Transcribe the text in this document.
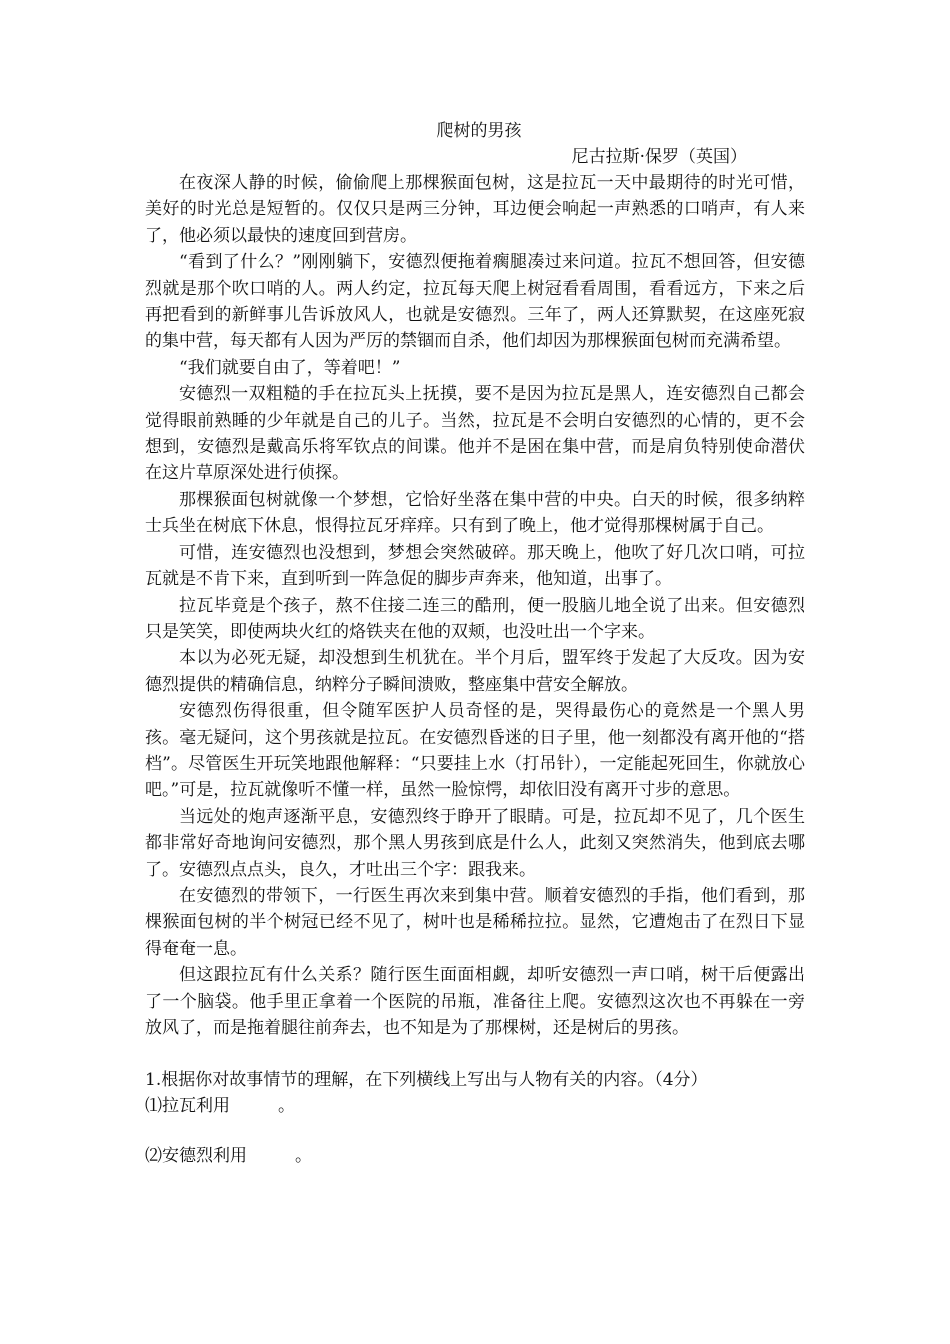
爬树的男孩

尼古拉斯·保罗（英国）

在夜深人静的时候，偷偷爬上那棵猴面包树，这是拉瓦一天中最期待的时光可惜，美好的时光总是短暂的。仅仅只是两三分钟，耳边便会响起一声熟悉的口哨声，有人来了，他必须以最快的速度回到营房。

“看到了什么？”刚刚躺下，安德烈便拖着瘸腿凑过来问道。拉瓦不想回答，但安德烈就是那个吹口哨的人。两人约定，拉瓦每天爬上树冠看看周围，看看远方，下来之后再把看到的新鲜事儿告诉放风人，也就是安德烈。三年了，两人还算默契，在这座死寂的集中营，每天都有人因为严厉的禁锢而自杀，他们却因为那棵猴面包树而充满希望。

“我们就要自由了，等着吧！”

安德烈一双粗糙的手在拉瓦头上抚摸，要不是因为拉瓦是黑人，连安德烈自己都会觉得眼前熟睡的少年就是自己的儿子。当然，拉瓦是不会明白安德烈的心情的，更不会想到，安德烈是戴高乐将军钦点的间谍。他并不是困在集中营，而是肩负特别使命潜伏在这片草原深处进行侦探。

那棵猴面包树就像一个梦想，它恰好坐落在集中营的中央。白天的时候，很多纳粹士兵坐在树底下休息，恨得拉瓦牙痒痒。只有到了晚上，他才觉得那棵树属于自己。

可惜，连安德烈也没想到，梦想会突然破碎。那天晚上，他吹了好几次口哨，可拉瓦就是不肯下来，直到听到一阵急促的脚步声奔来，他知道，出事了。

拉瓦毕竟是个孩子，熬不住接二连三的酷刑，便一股脑儿地全说了出来。但安德烈只是笑笑，即使两块火红的烙铁夹在他的双颊，也没吐出一个字来。

本以为必死无疑，却没想到生机犹在。半个月后，盟军终于发起了大反攻。因为安德烈提供的精确信息，纳粹分子瞬间溃败，整座集中营安全解放。

安德烈伤得很重，但令随军医护人员奇怪的是，哭得最伤心的竟然是一个黑人男孩。毫无疑问，这个男孩就是拉瓦。在安德烈昏迷的日子里，他一刻都没有离开他的“搭档”。尽管医生开玩笑地跟他解释：“只要挂上水（打吊针），一定能起死回生，你就放心吧。”可是，拉瓦就像听不懂一样，虽然一脸惊愕，却依旧没有离开寸步的意思。

当远处的炮声逐渐平息，安德烈终于睁开了眼睛。可是，拉瓦却不见了，几个医生都非常好奇地询问安德烈，那个黑人男孩到底是什么人，此刻又突然消失，他到底去哪了。安德烈点点头，良久，才吐出三个字：跟我来。

在安德烈的带领下，一行医生再次来到集中营。顺着安德烈的手指，他们看到，那棵猴面包树的半个树冠已经不见了，树叶也是稀稀拉拉。显然，它遭炮击了在烈日下显得奄奄一息。

但这跟拉瓦有什么关系？随行医生面面相觑，却听安德烈一声口哨，树干后便露出了一个脑袋。他手里正拿着一个医院的吊瓶，准备往上爬。安德烈这次也不再躲在一旁放风了，而是拖着腿往前奔去，也不知是为了那棵树，还是树后的男孩。

1.根据你对故事情节的理解，在下列横线上写出与人物有关的内容。（4分）

⑴拉瓦利用	。

⑵安德烈利用	。
